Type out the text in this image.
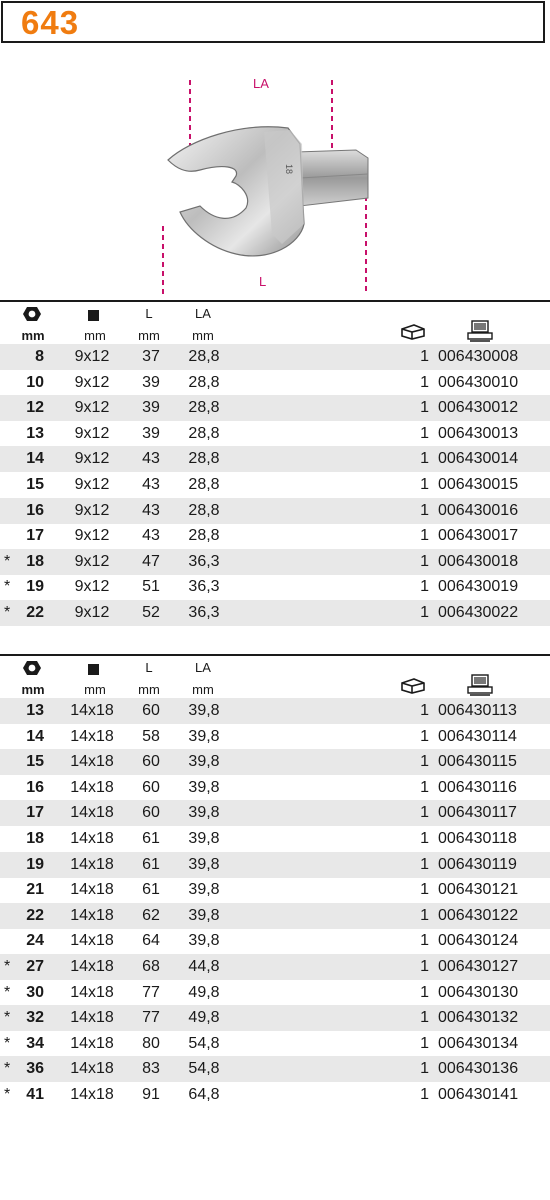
643
18
LA
L
L	LA
mm	mm	mm	mm
8	9x12	37	28,8	1 006430008
10	9x12	39	28,8	1 006430010
12	9x12	39	28,8	1 006430012
13	9x12	39	28,8	1 006430013
14	9x12	43	28,8	1 006430014
15	9x12	43	28,8	1 006430015
16	9x12	43	28,8	1 006430016
17	9x12	43	28,8	1 006430017
* 18	9x12	47	36,3	1 006430018
* 19	9x12	51	36,3	1 006430019
* 22	9x12	52	36,3	1 006430022
L	LA
mm	mm	mm	mm
13	14x18	60	39,8	1 006430113
14	14x18	58	39,8	1 006430114
15	14x18	60	39,8	1 006430115
16	14x18	60	39,8	1 006430116
17	14x18	60	39,8	1 006430117
18	14x18	61	39,8	1 006430118
19	14x18	61	39,8	1 006430119
21	14x18	61	39,8	1 006430121
22	14x18	62	39,8	1 006430122
24	14x18	64	39,8	1 006430124
* 27	14x18	68	44,8	1 006430127
* 30	14x18	77	49,8	1 006430130
* 32	14x18	77	49,8	1 006430132
* 34	14x18	80	54,8	1 006430134
* 36	14x18	83	54,8	1 006430136
* 41	14x18	91	64,8	1 006430141
